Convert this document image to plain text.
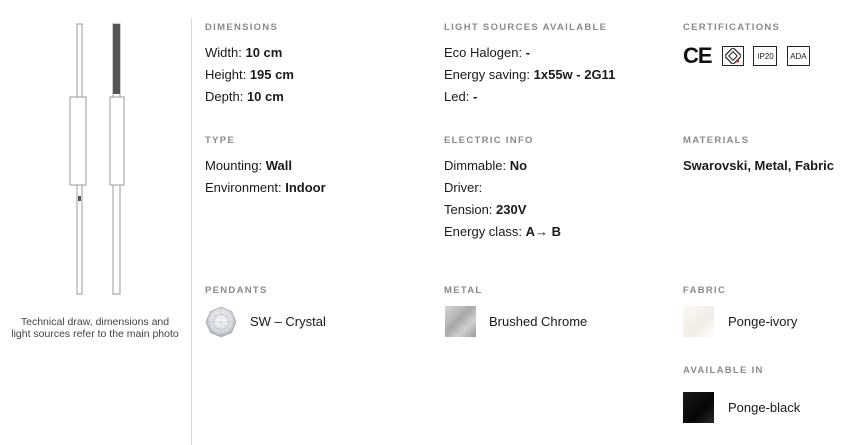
Technical draw, dimensions and light sources refer to the main photo
DIMENSIONS
Width: 10 cm
Height: 195 cm
Depth: 10 cm
LIGHT SOURCES AVAILABLE
Eco Halogen: -
Energy saving: 1x55w - 2G11
Led: -
CERTIFICATIONS
CE	IP20 ADA
TYPE
Mounting: Wall
Environment: Indoor
ELECTRIC INFO
Dimmable: No
Driver:
Tension: 230V
Energy class: A→ B
MATERIALS
Swarovski, Metal, Fabric
PENDANTS
SW – Crystal
METAL
Brushed Chrome
FABRIC
Ponge-ivory
AVAILABLE IN
Ponge-black
